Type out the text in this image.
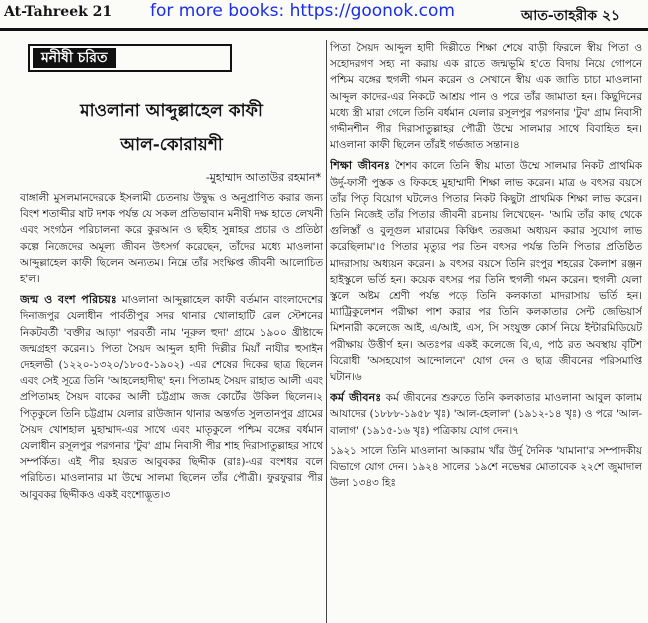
At-Tahreek 21 for more books: https://goonok.com	আত-তাহরীক ২১
মনীষী চরিত
মাওলানা আব্দুল্লাহেল কাফী
আল-কোরায়শী
-মুহাম্মাদ আতাউর রহমান*

বাঙ্গালী মুসলমানদেরকে ইসলামী চেতনায় উদ্বুদ্ধ ও অনুপ্রাণিত করার জন্য বিংশ শতাব্দীর ষাট দশক পর্যন্ত যে সকল প্রতিভাবান মনীষী দক্ষ হাতে লেখনী এবং সংগঠন পরিচালনা করে কুরআন ও ছহীহ সুন্নাহর প্রচার ও প্রতিষ্ঠা কল্পে নিজেদের অমূল্য জীবন উৎসর্গ করেছেন, তাঁদের মধ্যে মাওলানা আব্দুল্লাহেল কাফী ছিলেন অন্যতম। নিম্নে তাঁর সংক্ষিপ্ত জীবনী আলোচিত হ'ল।

জন্ম ও বংশ পরিচয়ঃ মাওলানা আব্দুল্লাহেল কাফী বর্তমান বাংলাদেশের দিনাজপুর যেলাধীন পার্বতীপুর সদর থানার খোলাহাটি রেল স্টেশনের নিকটবর্তী 'বক্তীর আড়া' পরবর্তী নাম 'নূরুল হুদা' গ্রামে ১৯০০ খ্রীষ্টাব্দে জন্মগ্রহণ করেন।১ পিতা সৈয়দ আব্দুল হাদী দিল্লীর মিয়াঁ নাযীর হুসাইন দেহলভী (১২২০-১৩২০/১৮০৫-১৯০২) -এর শেষের দিকের ছাত্র ছিলেন এবং সেই সূত্রে তিনি 'আহলেহাদীছ' হন। পিতামহ সৈয়দ রাহাত আলী এবং প্রপিতামহ সৈয়দ বাকের আলী চট্টগ্রাম জজ কোর্টের উকিল ছিলেন।২ পিতৃকুলে তিনি চট্টগ্রাম যেলার রাউজান থানার অন্তর্গত সুলতানপুর গ্রামের সৈয়দ খোশহাল মুহাম্মাদ-এর সাথে এবং মাতৃকুলে পশ্চিম বঙ্গের বর্ধমান যেলাধীন রসূলপুর পরগনার 'টুব' গ্রাম নিবাসী পীর শাহ দিরাসাতুল্লাহর সাথে সম্পর্কিত। এই পীর হযরত আবুবকর ছিদ্দীক (রাঃ)-এর বংশধর বলে পরিচিত। মাওলানার মা উম্মে সালমা ছিলেন তাঁর পৌত্রী। ফুরফুরার পীর আবুবকর ছিদ্দীকও একই বংশোদ্ভূত।৩

পিতা সৈয়দ আব্দুল হাদী দিল্লীতে শিক্ষা শেষে বাড়ী ফিরলে স্বীয় পিতা ও সহোদরগণ সহ্য না করায় এক রাতে জন্মভূমি হ'তে বিদায় নিয়ে গোপনে পশ্চিম বঙ্গের হুগলী গমন করেন ও সেখানে স্বীয় এক জাতি চাচা মাওলানা আব্দুল কাদের-এর নিকটে আশ্রয় পান ও পরে তাঁর জামাতা হন। কিছুদিনের মধ্যে স্ত্রী মারা গেলে তিনি বর্ধমান যেলার রসূলপুর পরগনার 'টুব' গ্রাম নিবাসী গদ্দীনশীন পীর দিরাসাতুল্লাহর পৌত্রী উম্মে সালমার সাথে বিবাহিত হন। মাওলানা কাফী ছিলেন তাঁরই গর্ভজাত সন্তান।৪

শিক্ষা জীবনঃ শৈশব কালে তিনি স্বীয় মাতা উম্মে সালমার নিকট প্রাথমিক উর্দু-ফার্সী পুস্তক ও ফিকহে মুহাম্মাদী শিক্ষা লাভ করেন। মাত্র ৬ বৎসর বয়সে তাঁর পিতৃ বিয়োগ ঘটলেও পিতার নিকট কিছুটা প্রাথমিক শিক্ষা লাভ করেন। তিনি নিজেই তাঁর পিতার জীবনী রচনায় লিখেছেন- 'আমি তাঁর কাছ থেকে গুলিস্তাঁ ও বুলূগুল মারামের কিঞ্চিৎ তরজমা অধ্যয়ন করার সুযোগ লাভ করেছিলাম'।৫ পিতার মৃত্যুর পর তিন বৎসর পর্যন্ত তিনি পিতার প্রতিষ্ঠিত মাদরাসায় অধ্যয়ন করেন। ৯ বৎসর বয়সে তিনি রংপুর শহরের কৈলাশ রঞ্জন হাইস্কুলে ভর্তি হন। কয়েক বৎসর পর তিনি হুগলী গমন করেন। হুগলী যেলা স্কুলে অষ্টম শ্রেণী পর্যন্ত পড়ে তিনি কলকাতা মাদরাসায় ভর্তি হন। ম্যাট্রিকুলেশন পরীক্ষা পাশ করার পর তিনি কলকাতার সেন্ট জেভিয়ার্স মিশনারী কলেজে আই, এ/আই, এস, সি সংযুক্ত কোর্স নিয়ে ইন্টারমিডিয়েট পরীক্ষায় উত্তীর্ণ হন। অতঃপর একই কলেজে বি,এ, পাঠ রত অবস্থায় বৃটিশ বিরোধী 'অসহযোগ আন্দোলনে' যোগ দেন ও ছাত্র জীবনের পরিসমাপ্তি ঘটান।৬

কর্ম জীবনঃ কর্ম জীবনের শুরুতে তিনি কলকাতার মাওলানা আবুল কালাম আযাদের (১৮৮৮-১৯৫৮ খৃঃ) 'আল-হেলাল' (১৯১২-১৪ খৃঃ) ও পরে 'আল-বালাগ' (১৯১৫-১৬ খৃঃ) পত্রিকায় যোগ দেন।৭

১৯২১ সালে তিনি মাওলানা আকরাম খাঁর উর্দু দৈনিক 'যামানা'র সম্পাদকীয় বিভাগে যোগ দেন। ১৯২৪ সালের ১৯শে নভেম্বর মোতাবেক ২২শে জুমাদাল উলা ১৩৪৩ হিঃ
